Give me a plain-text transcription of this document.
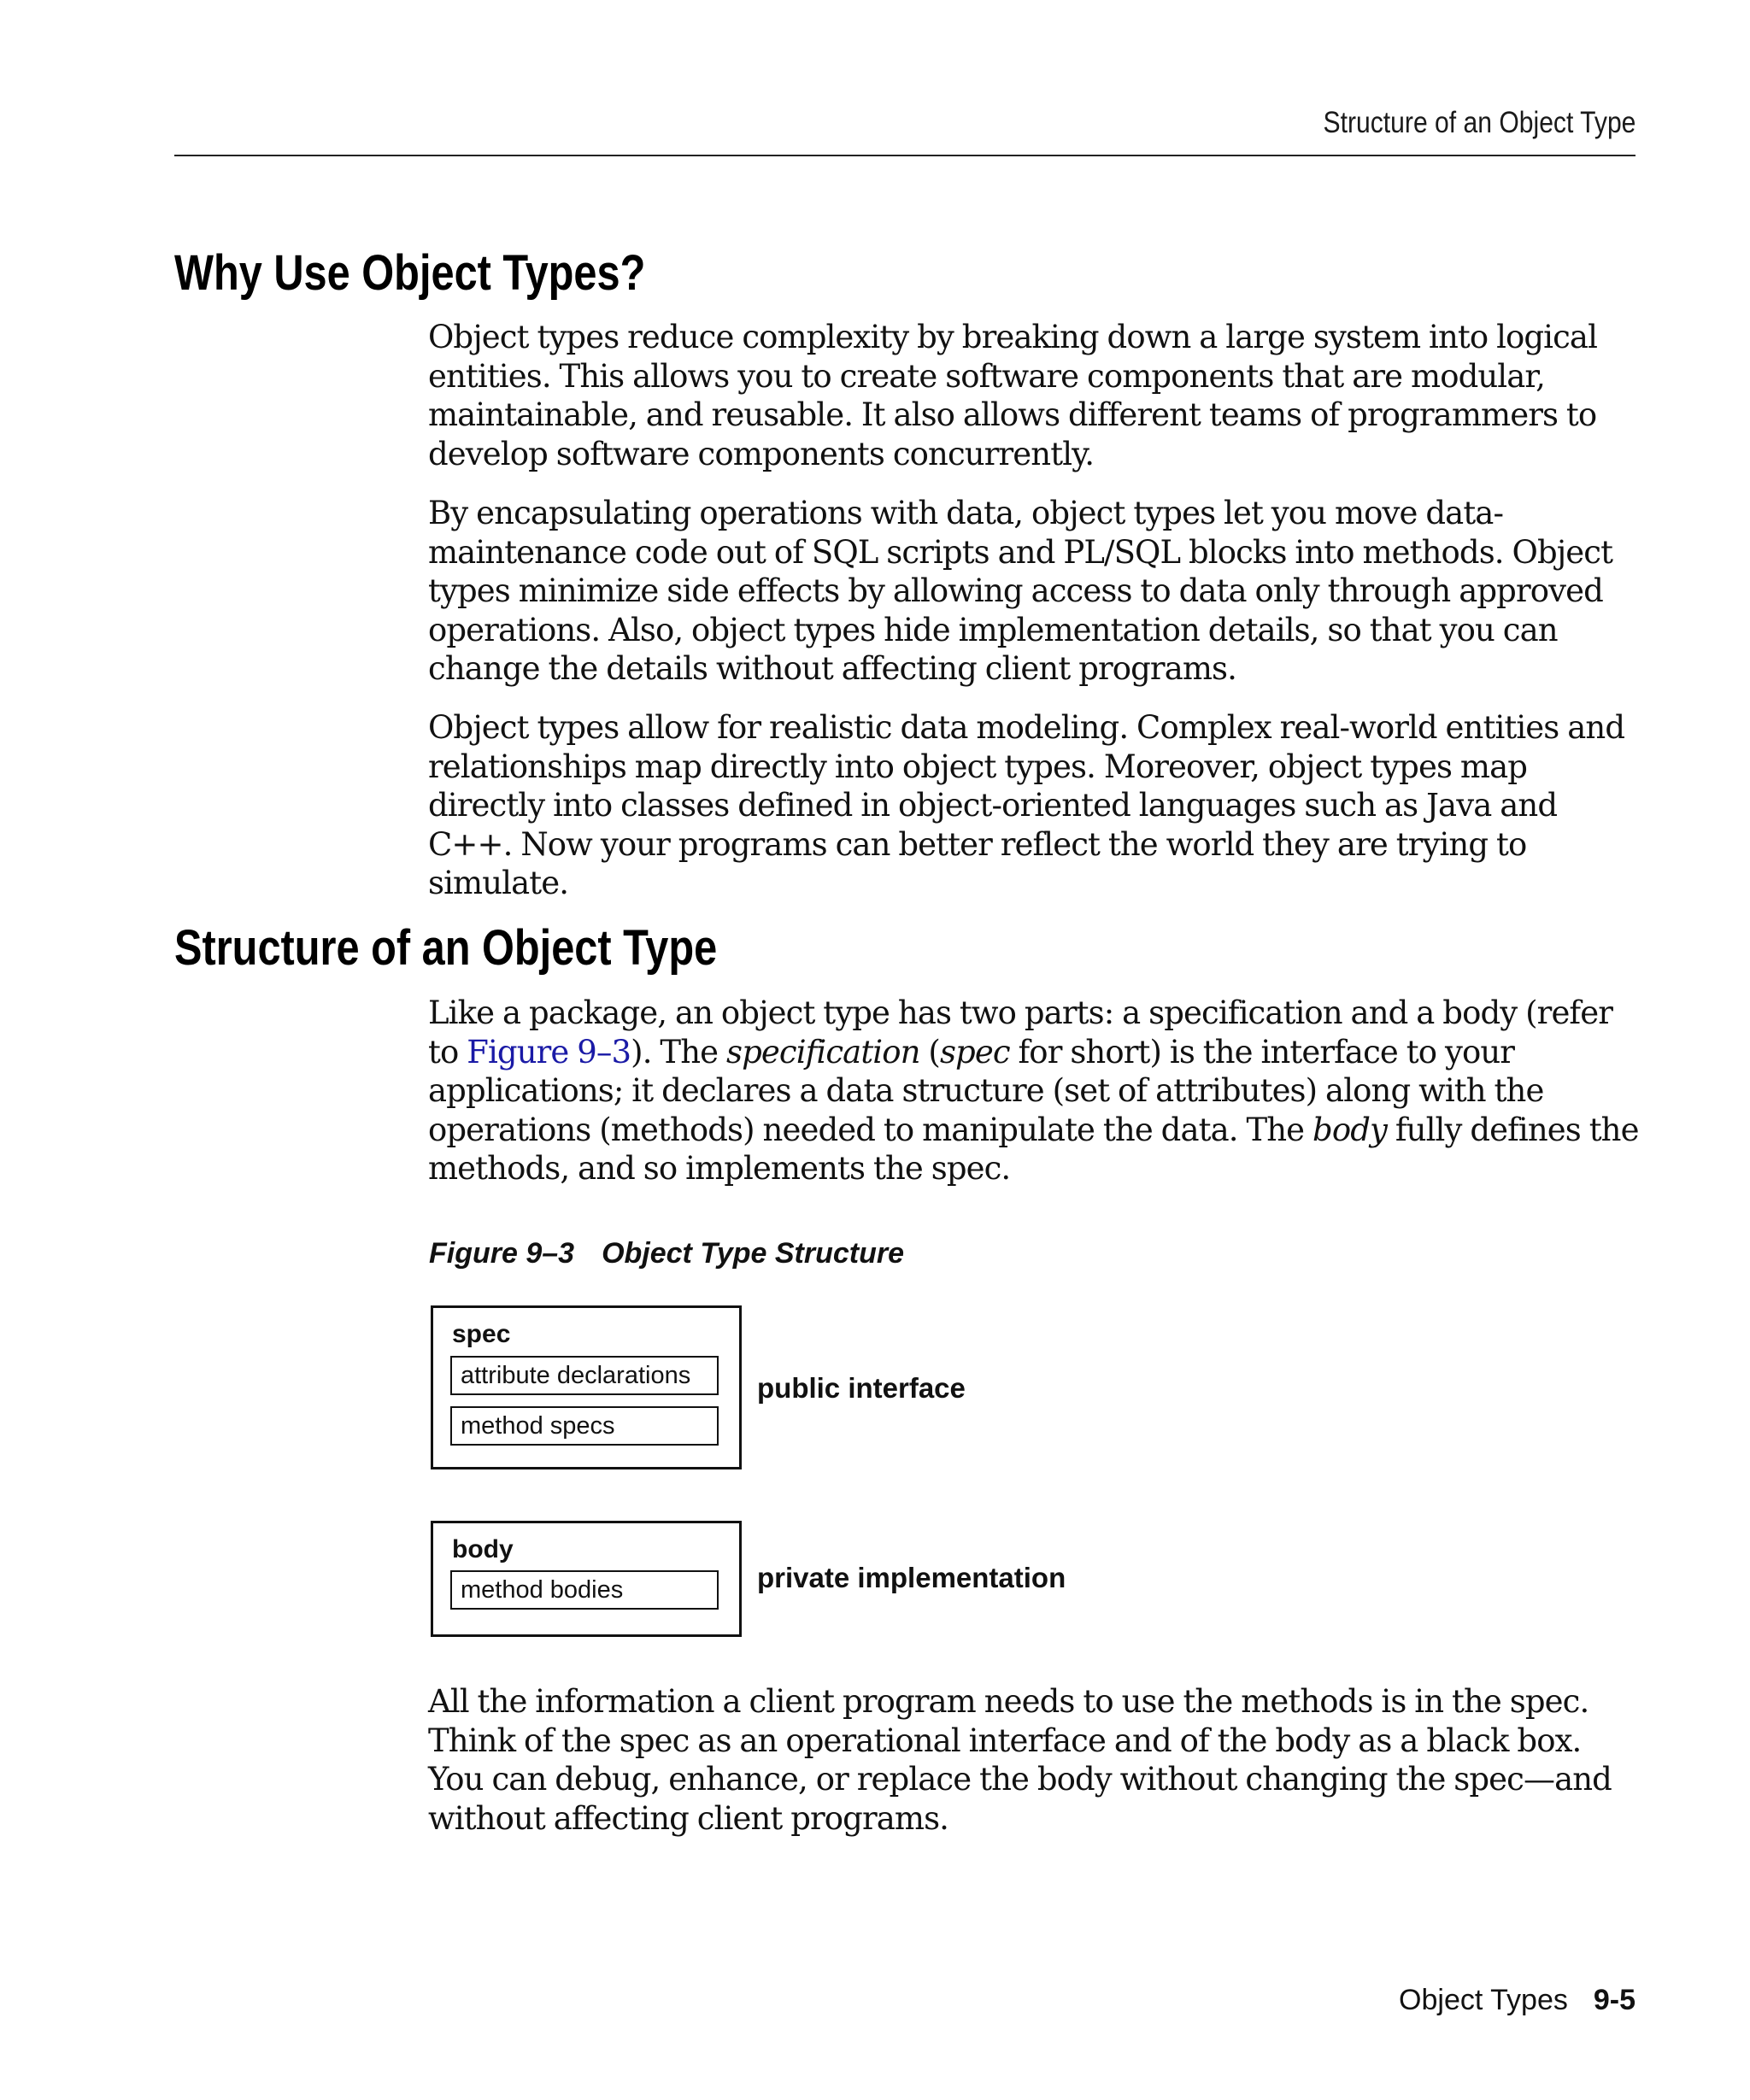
Structure of an Object Type
Why Use Object Types?

Object types reduce complexity by breaking down a large system into logical entities. This allows you to create software components that are modular, maintainable, and reusable. It also allows different teams of programmers to develop software components concurrently.

By encapsulating operations with data, object types let you move data-maintenance code out of SQL scripts and PL/SQL blocks into methods. Object types minimize side effects by allowing access to data only through approved operations. Also, object types hide implementation details, so that you can change the details without affecting client programs.

Object types allow for realistic data modeling. Complex real-world entities and relationships map directly into object types. Moreover, object types map directly into classes defined in object-oriented languages such as Java and C++. Now your programs can better reflect the world they are trying to simulate.

Structure of an Object Type

Like a package, an object type has two parts: a specification and a body (refer to Figure 9–3). The specification (spec for short) is the interface to your applications; it declares a data structure (set of attributes) along with the operations (methods) needed to manipulate the data. The body fully defines the methods, and so implements the spec.

Figure 9–3 Object Type Structure
spec
attribute declarations
method specs
public interface
body
method bodies	private implementation

All the information a client program needs to use the methods is in the spec. Think of the spec as an operational interface and of the body as a black box. You can debug, enhance, or replace the body without changing the spec—and without affecting client programs.

Object Types 9-5
